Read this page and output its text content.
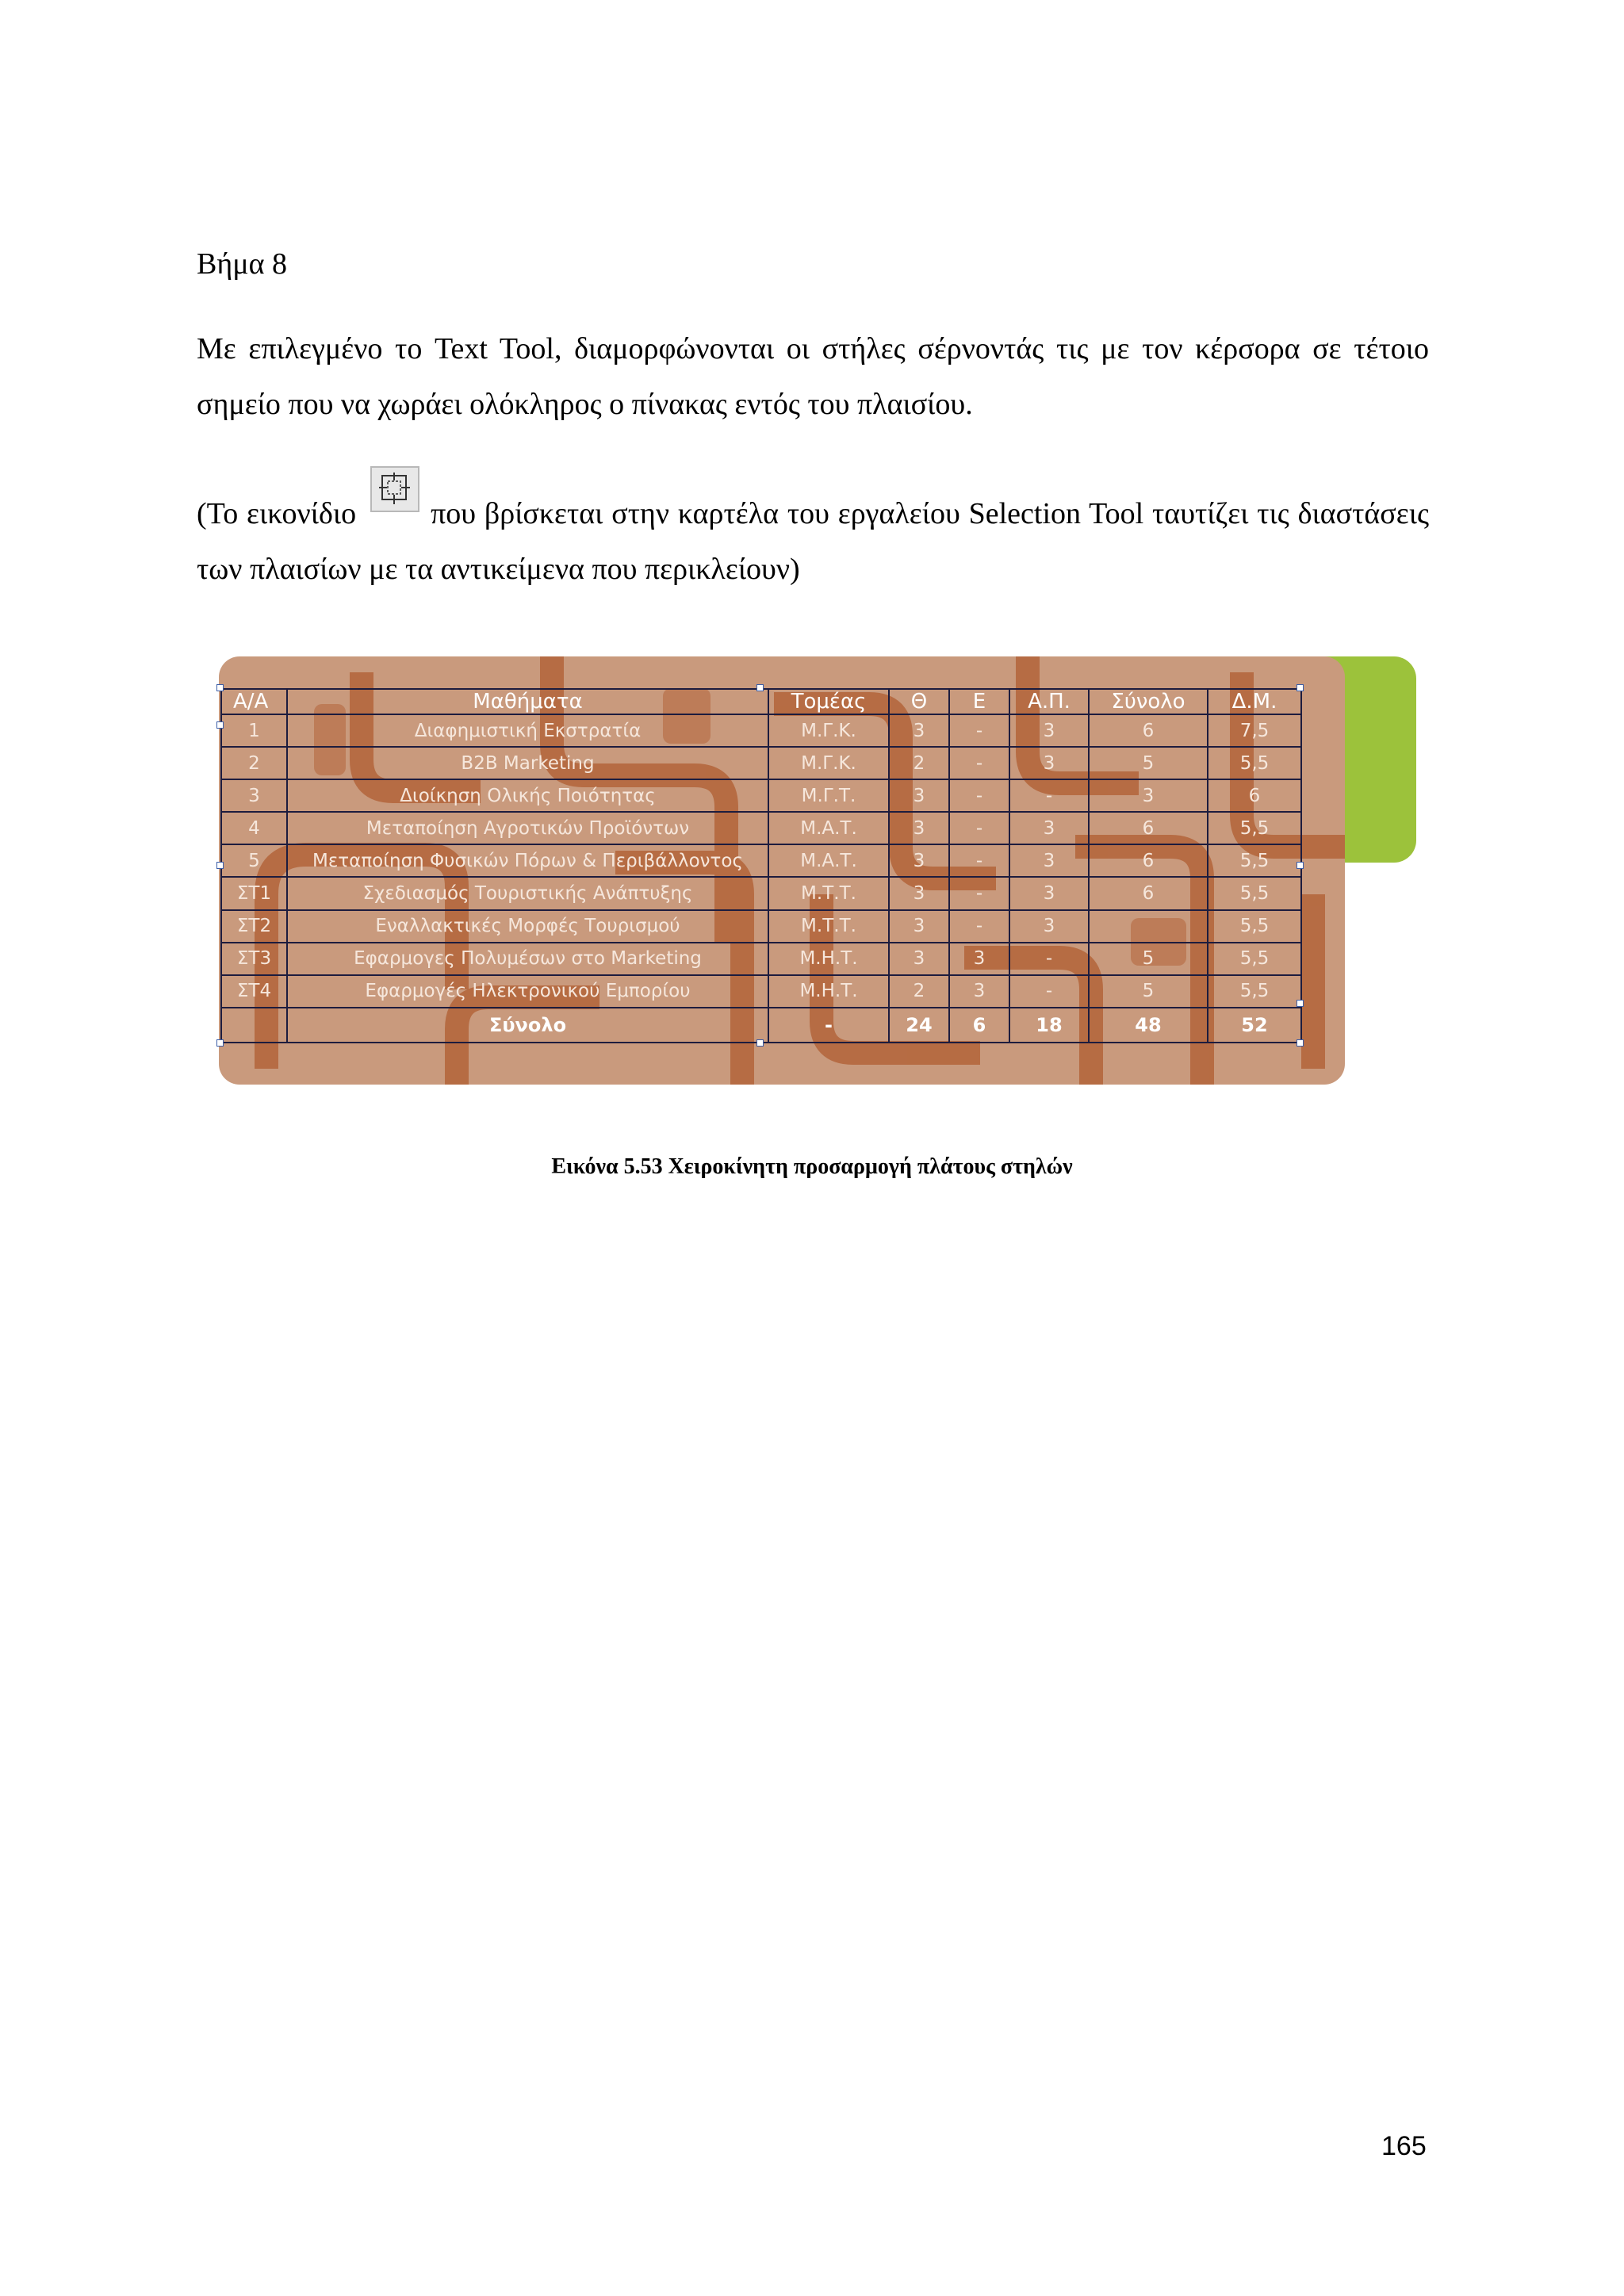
Βήμα 8

Με επιλεγμένο το Text Tool, διαμορφώνονται οι στήλες σέρνοντάς τις με τον κέρσορα σε τέτοιο σημείο που να χωράει ολόκληρος ο πίνακας εντός του πλαισίου.

(Το εικονίδιο που βρίσκεται στην καρτέλα του εργαλείου Selection Tool ταυτίζει τις διαστάσεις των πλαισίων με τα αντικείμενα που περικλείουν)

Α/Α	Μαθήματα	Τομέας	Θ	Ε	Α.Π.	Σύνολο	Δ.Μ.
1	Διαφημιστική Εκστρατία	Μ.Γ.Κ.	3	-	3	6	7,5
2	B2B Marketing	Μ.Γ.Κ.	2	-	3	5	5,5
3	Διοίκηση Ολικής Ποιότητας	Μ.Γ.Τ.	3	-	-	3	6
4	Μεταποίηση Αγροτικών Προϊόντων	Μ.Α.Τ.	3	-	3	6	5,5
5	Μεταποίηση Φυσικών Πόρων & Περιβάλλοντος	Μ.Α.Τ.	3	-	3	6	5,5
ΣΤ1	Σχεδιασμός Τουριστικής Ανάπτυξης	Μ.Τ.Τ.	3	-	3	6	5,5
ΣΤ2	Εναλλακτικές Μορφές Τουρισμού	Μ.Τ.Τ.	3	-	3		5,5
ΣΤ3	Εφαρμογες Πολυμέσων στο Marketing	Μ.Η.Τ.	3	3	-	5	5,5
ΣΤ4	Εφαρμογές Ηλεκτρονικού Εμπορίου	Μ.Η.Τ.	2	3	-	5	5,5
	Σύνολο	-	24	6	18	48	52

Εικόνα 5.53 Χειροκίνητη προσαρμογή πλάτους στηλών

165
